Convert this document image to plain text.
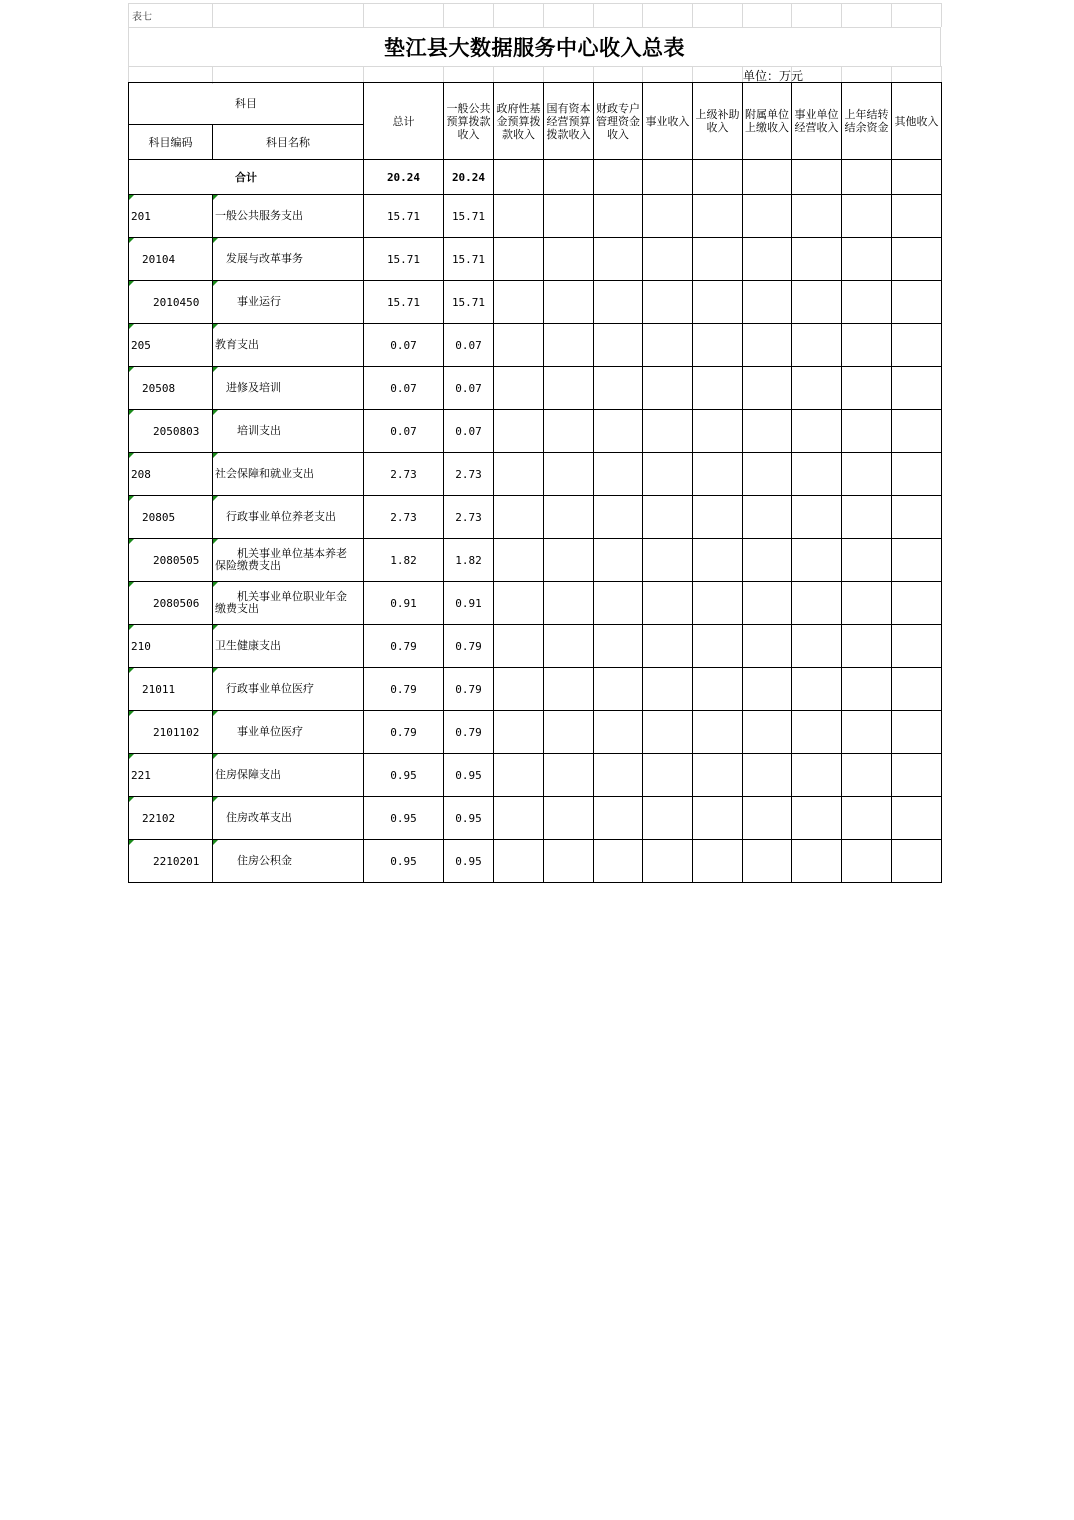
表七
垫江县大数据服务中心收入总表
单位：万元
科目		总计	一般公共预算拨款收入	政府性基金预算拨款收入	国有资本经营预算拨款收入	财政专户管理资金收入	事业收入	上级补助收入	附属单位上缴收入	事业单位经营收入	上年结转结余资金	其他收入
科目编码	科目名称											
合计		20.24	20.24									
201	一般公共服务支出	15.71	15.71									
20104	发展与改革事务	15.71	15.71									
2010450	事业运行	15.71	15.71									
205	教育支出	0.07	0.07									
20508	进修及培训	0.07	0.07									
2050803	培训支出	0.07	0.07									
208	社会保障和就业支出	2.73	2.73									
20805	行政事业单位养老支出	2.73	2.73									
2080505	机关事业单位基本养老
保险缴费支出	1.82	1.82									
2080506	机关事业单位职业年金
缴费支出	0.91	0.91									
210	卫生健康支出	0.79	0.79									
21011	行政事业单位医疗	0.79	0.79									
2101102	事业单位医疗	0.79	0.79									
221	住房保障支出	0.95	0.95									
22102	住房改革支出	0.95	0.95									
2210201	住房公积金	0.95	0.95									
